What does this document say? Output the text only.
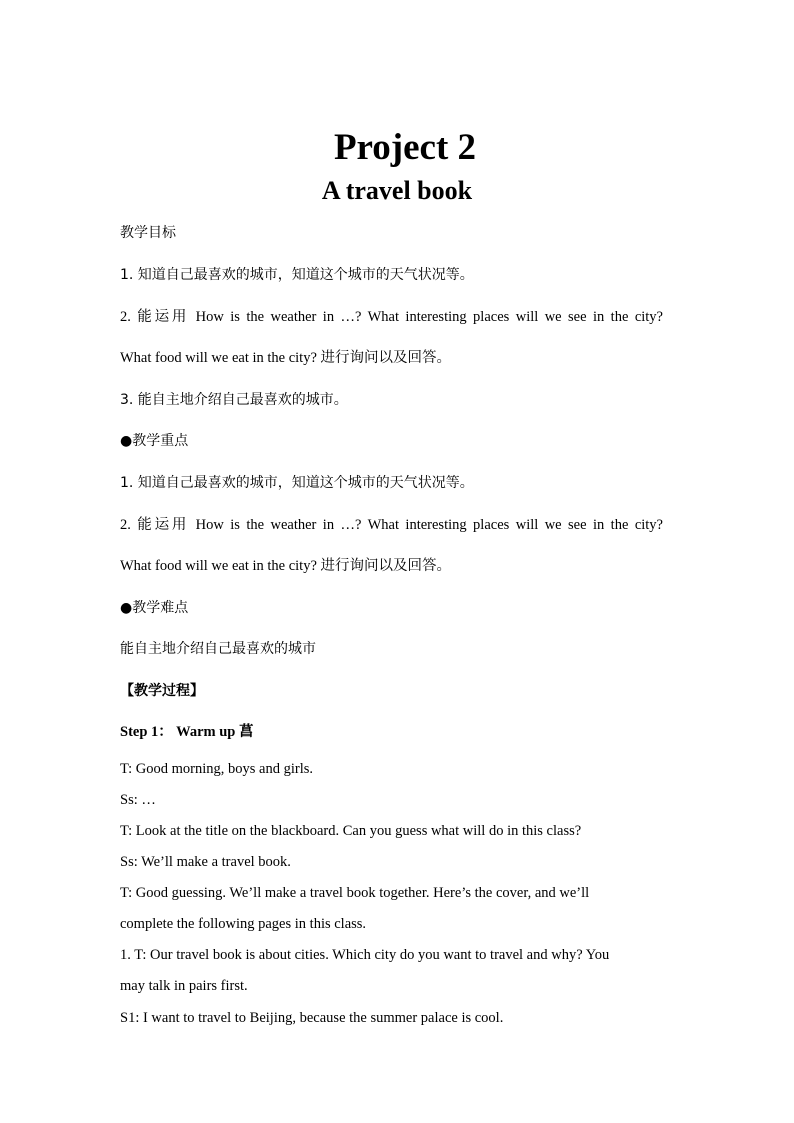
Project 2
A travel book
教学目标
1. 知道自己最喜欢的城市，知道这个城市的天气状况等。
2. 能运用 How is the weather in …? What interesting places will we see in the city?
What food will we eat in the city? 进行询问以及回答。
3. 能自主地介绍自己最喜欢的城市。
●教学重点
1. 知道自己最喜欢的城市，知道这个城市的天气状况等。
2. 能运用 How is the weather in …? What interesting places will we see in the city?
What food will we eat in the city? 进行询问以及回答。
●教学难点
能自主地介绍自己最喜欢的城市
【教学过程】
Step 1： Warm up 菖
T: Good morning, boys and girls.
Ss: …
T: Look at the title on the blackboard. Can you guess what will do in this class?
Ss: We’ll make a travel book.
T: Good guessing. We’ll make a travel book together. Here’s the cover, and we’ll
complete the following pages in this class.
1. T: Our travel book is about cities. Which city do you want to travel and why? You
may talk in pairs first.
S1: I want to travel to Beijing, because the summer palace is cool.
